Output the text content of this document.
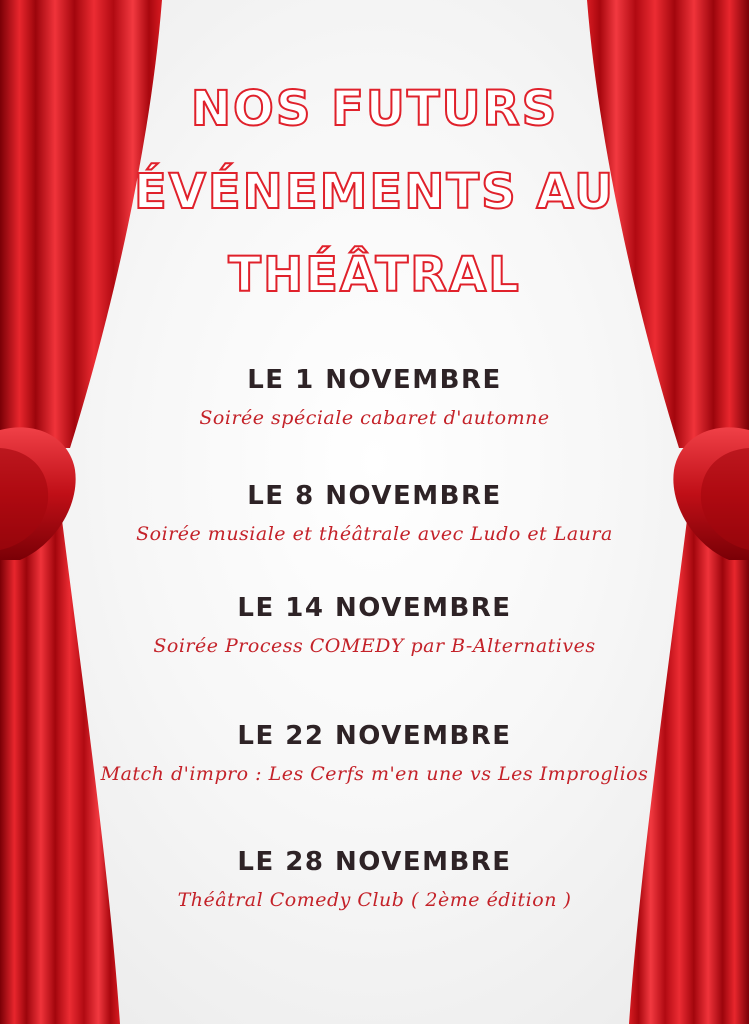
NOS FUTURS
ÉVÉNEMENTS AU
THÉÂTRAL
LE 1 NOVEMBRE
Soirée spéciale cabaret d'automne
LE 8 NOVEMBRE
Soirée musiale et théâtrale avec Ludo et Laura
LE 14 NOVEMBRE
Soirée Process COMEDY par B-Alternatives
LE 22 NOVEMBRE
Match d'impro : Les Cerfs m'en une vs Les Improglios
LE 28 NOVEMBRE
Théâtral Comedy Club ( 2ème édition )
